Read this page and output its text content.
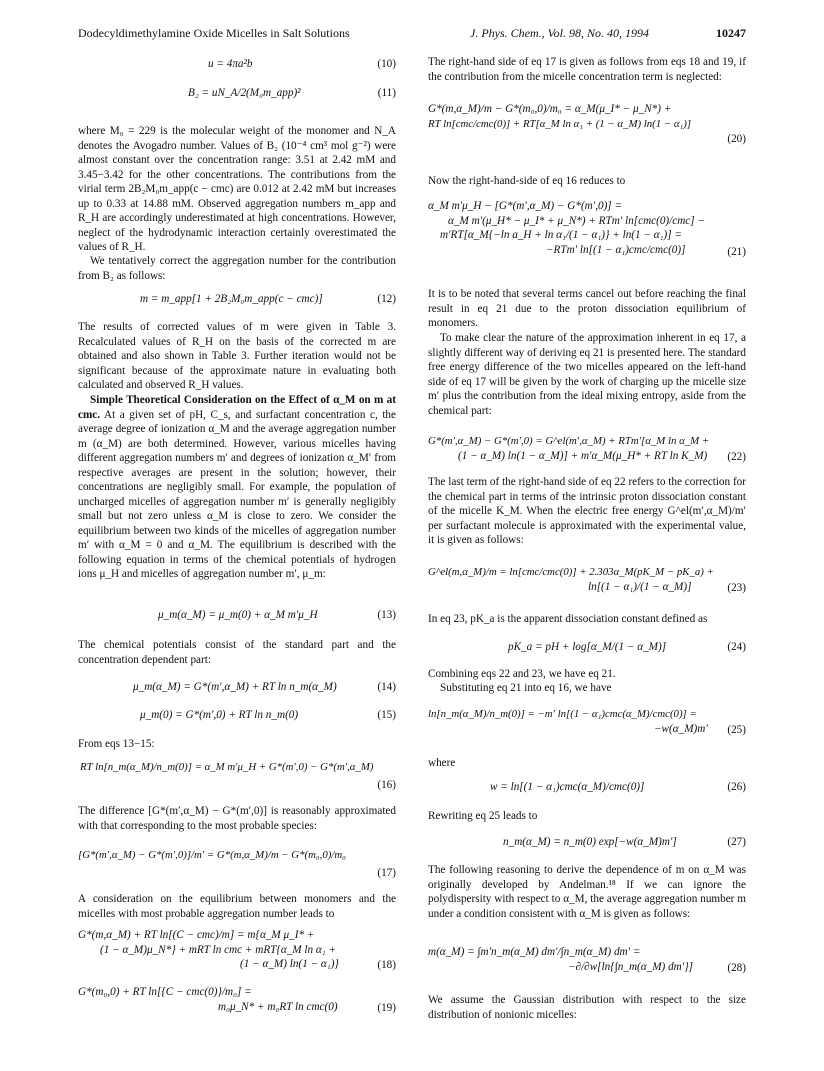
Dodecyldimethylamine Oxide Micelles in Salt Solutions	J. Phys. Chem., Vol. 98, No. 40, 1994	10247
u = 4πa²b	(10)
B₂ = uN_A/2(M₀m_app)²	(11)
where M₀ = 229 is the molecular weight of the monomer and N_A denotes the Avogadro number. Values of B₂ (10⁻⁴ cm³ mol g⁻²) were almost constant over the concentration range: 3.51 at 2.42 mM and 3.45−3.42 for the other concentrations. The contributions from the virial term 2B₂M₀m_app(c − cmc) are 0.012 at 2.42 mM but increases up to 0.33 at 14.88 mM. Observed aggregation numbers m_app and R_H are accordingly underestimated at high concentrations. However, neglect of the hydrodynamic interaction certainly overestimated the values of R_H.
We tentatively correct the aggregation number for the contribution from B₂ as follows:
m = m_app[1 + 2B₂M₀m_app(c − cmc)]	(12)
The results of corrected values of m were given in Table 3. Recalculated values of R_H on the basis of the corrected m are obtained and also shown in Table 3. Further iteration would not be significant because of the approximate nature in evaluating both calculated and observed R_H values.
Simple Theoretical Consideration on the Effect of α_M on m at cmc. At a given set of pH, C_s, and surfactant concentration c, the average degree of ionization α_M and the average aggregation number m (α_M) are both determined. However, various micelles having different aggregation numbers m′ and degrees of ionization α_M′ from respective averages are present in the solution; however, their concentrations are negligibly small. For example, the population of uncharged micelles of aggregation number m′ is generally negligibly small but not zero unless α_M is close to zero. We consider the equilibrium between two kinds of the micelles of aggregation number m′ with α_M = 0 and α_M. The equilibrium is described with the following equation in terms of the chemical potentials of hydrogen ions μ_H and micelles of aggregation number m′, μ_m:
μ_m(α_M) = μ_m(0) + α_M m′μ_H	(13)
The chemical potentials consist of the standard part and the concentration dependent part:
μ_m(α_M) = G*(m′,α_M) + RT ln n_m(α_M)	(14)
μ_m(0) = G*(m′,0) + RT ln n_m(0)	(15)
From eqs 13−15:
RT ln[n_m(α_M)/n_m(0)] = α_M m′μ_H + G*(m′,0) − G*(m′,α_M)
(16)
The difference [G*(m′,α_M) − G*(m′,0)] is reasonably approximated with that corresponding to the most probable species:
[G*(m′,α_M) − G*(m′,0)]/m′ = G*(m,α_M)/m − G*(m₀,0)/m₀
(17)
A consideration on the equilibrium between monomers and the micelles with most probable aggregation number leads to
G*(m,α_M) + RT ln[(C − cmc)/m] = m{α_M μ_I* +
(1 − α_M)μ_N*} + mRT ln cmc + mRT{α_M ln α₁ +
(1 − α_M) ln(1 − α₁)}	(18)
G*(m₀,0) + RT ln[{C − cmc(0)}/m₀] =
m₀μ_N* + m₀RT ln cmc(0)	(19)
The right-hand side of eq 17 is given as follows from eqs 18 and 19, if the contribution from the micelle concentration term is neglected:
G*(m,α_M)/m − G*(m₀,0)/m₀ = α_M(μ_I* − μ_N*) +
RT ln[cmc/cmc(0)] + RT[α_M ln α₁ + (1 − α_M) ln(1 − α₁)]
(20)
Now the right-hand-side of eq 16 reduces to
α_M m′μ_H − [G*(m′,α_M) − G*(m′,0)] =
α_M m′(μ_H* − μ_I* + μ_N*) + RTm′ ln[cmc(0)/cmc] −
m′RT[α_M{−ln a_H + ln α₁/(1 − α₁)} + ln(1 − α₁)] =
−RTm′ ln[(1 − α₁)cmc/cmc(0)]	(21)
It is to be noted that several terms cancel out before reaching the final result in eq 21 due to the proton dissociation equilibrium of monomers.
To make clear the nature of the approximation inherent in eq 17, a slightly different way of deriving eq 21 is presented here. The standard free energy difference of the two micelles appeared on the left-hand side of eq 17 will be given by the work of charging up the micelle size m′ plus the contribution from the ideal mixing entropy, aside from the chemical part:
G*(m′,α_M) − G*(m′,0) = G^el(m′,α_M) + RTm′[α_M ln α_M +
(1 − α_M) ln(1 − α_M)] + m′α_M(μ_H* + RT ln K_M)	(22)
The last term of the right-hand side of eq 22 refers to the correction for the chemical part in terms of the intrinsic proton dissociation constant of the micelle K_M. When the electric free energy G^el(m′,α_M)/m′ per surfactant molecule is approximated with the experimental value, it is given as follows:
G^el(m,α_M)/m = ln[cmc/cmc(0)] + 2.303α_M(pK_M − pK_a) +
ln[(1 − α₁)/(1 − α_M)]	(23)
In eq 23, pK_a is the apparent dissociation constant defined as
pK_a = pH + log[α_M/(1 − α_M)]	(24)
Combining eqs 22 and 23, we have eq 21.
Substituting eq 21 into eq 16, we have
ln[n_m(α_M)/n_m(0)] = −m′ ln[(1 − α₁)cmc(α_M)/cmc(0)] =
−w(α_M)m′	(25)
where
w = ln[(1 − α₁)cmc(α_M)/cmc(0)]	(26)
Rewriting eq 25 leads to
n_m(α_M) = n_m(0) exp[−w(α_M)m′]	(27)
The following reasoning to derive the dependence of m on α_M was originally developed by Andelman.¹⁸ If we can ignore the polydispersity with respect to α_M, the average aggregation number m under a condition consistent with α_M is given as follows:
m(α_M) = ∫m′n_m(α_M) dm′/∫n_m(α_M) dm′ =
−∂/∂w[ln{∫n_m(α_M) dm′}]	(28)
We assume the Gaussian distribution with respect to the size distribution of nonionic micelles:
